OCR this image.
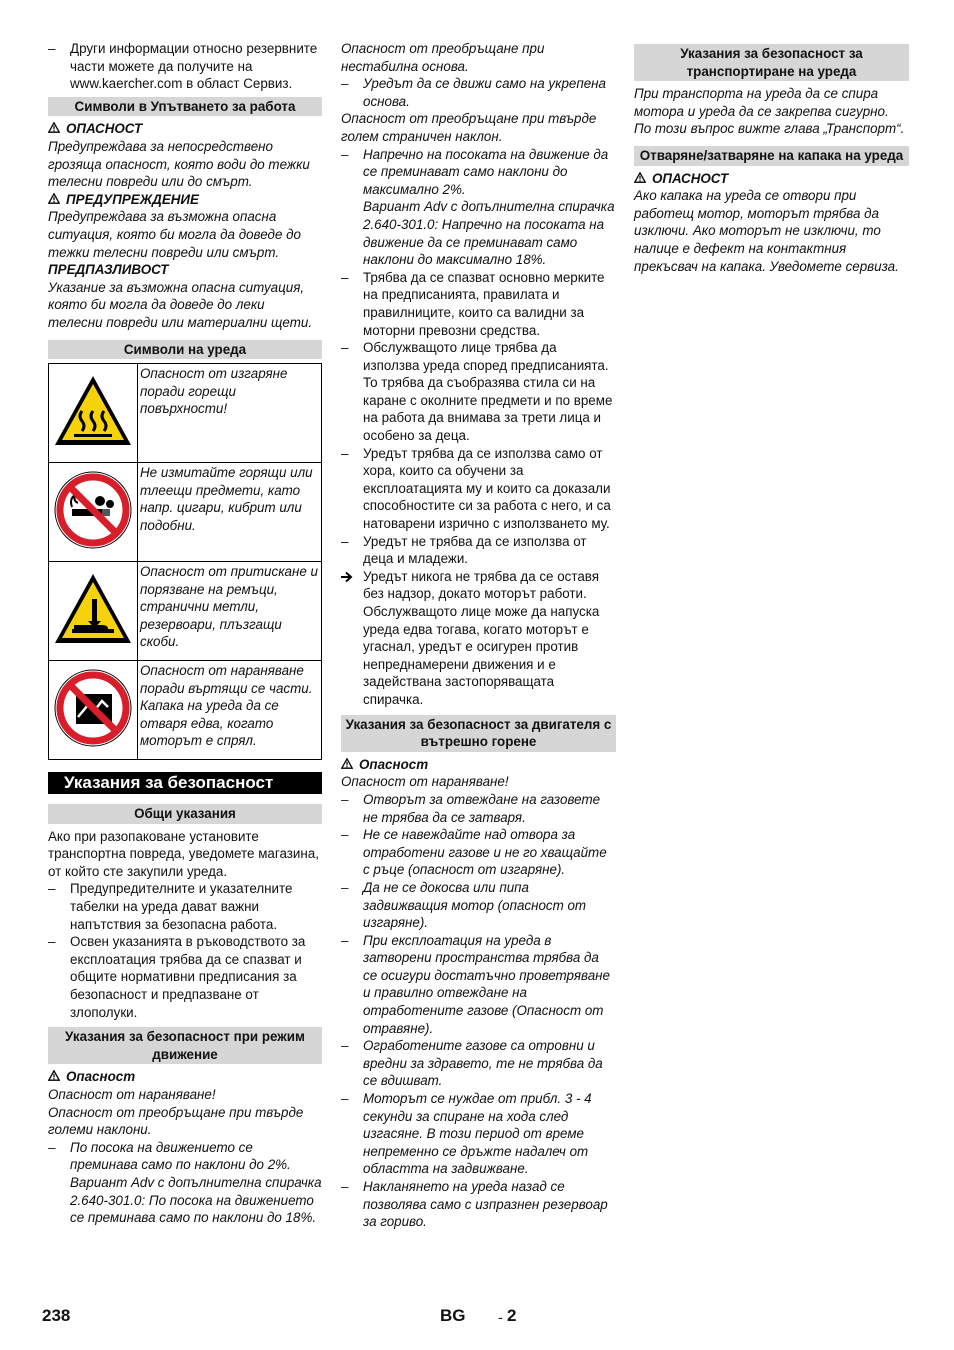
– Други информации относно резервните части можете да получите на www.kaercher.com в област Сервиз.
Символи в Упътването за работа
ОПАСНОСТ

Предупреждава за непосредствено грозяща опасност, която води до тежки телесни повреди или до смърт.

ПРЕДУПРЕЖДЕНИЕ

Предупреждава за възможна опасна ситуация, която би могла да доведе до тежки телесни повреди или смърт.

ПРЕДПАЗЛИВОСТ

Указание за възможна опасна ситуация, която би могла да доведе до леки телесни повреди или материални щети.

Символи на уреда
	Опасност от изгаряне поради горещи повърхности!
	Не измитайте горящи или тлеещи предмети, като напр. цигари, кибрит или подобни.
	Опасност от притискане и порязване на ремъци, странични метли, резервоари, плъзгащи скоби.
	Опасност от нараняване поради въртящи се части. Капака на уреда да се отваря едва, когато моторът е спрял.
Указания за безопасност
Общи указания

Ако при разопаковане установите транспортна повреда, уведомете магазина, от който сте закупили уреда.

– Предупредителните и указателните табелки на уреда дават важни напътствия за безопасна работа.
– Освен указанията в ръководството за експлоатация трябва да се спазват и общите нормативни предписания за безопасност и предпазване от злополуки.
Указания за безопасност при режим движение
Опасност

Опасност от нараняване!

Опасност от преобръщане при твърде големи наклони.

– По посока на движението се преминава само по наклони до 2%.

Вариант Adv с допълнителна спирачка 2.640-301.0: По посока на движението се преминава само по наклони до 18%.

Опасност от преобръщане при нестабилна основа.

– Уредът да се движи само на укрепена основа.

Опасност от преобръщане при твърде голем страничен наклон.

– Напречно на посоката на движение да се преминават само наклони до максимално 2%.

Вариант Adv с допълнителна спирачка 2.640-301.0: Напречно на посоката на движение да се преминават само наклони до максимално 18%.

– Трябва да се спазват основно мерките на предписанията, правилата и правилниците, които са валидни за моторни превозни средства.
– Обслужващото лице трябва да използва уреда според предписанията. То трябва да съобразява стила си на каране с околните предмети и по време на работа да внимава за трети лица и особено за деца.
– Уредът трябва да се използва само от хора, които са обучени за експлоатацията му и които са доказали способностите си за работа с него, и са натоварени изрично с използването му.
– Уредът не трябва да се използва от деца и младежи.
Уредът никога не трябва да се оставя без надзор, докато моторът работи. Обслужващото лице може да напуска уреда едва тогава, когато моторът е угаснал, уредът е осигурен против непреднамерени движения и е задействана застопоряващата спирачка.
Указания за безопасност за двигателя с вътрешно горене
Опасност

Опасност от нараняване!

– Отворът за отвеждане на газовете не трябва да се затваря.
– Не се навеждайте над отвора за отработени газове и не го хващайте с ръце (опасност от изгаряне).
– Да не се докосва или пипа задвижващия мотор (опасност от изгаряне).
– При експлоатация на уреда в затворени пространства трябва да се осигури достатъчно проветряване и правилно отвеждане на отработените газове (Опасност от отравяне).
– Огработените газове са отровни и вредни за здравето, те не трябва да се вдишват.
– Моторът се нуждае от прибл. 3 - 4 секунди за спиране на хода след изгасяне. В този период от време непременно се дръжте надалеч от областта на задвижване.
– Накланянето на уреда назад се позволява само с изпразнен резервоар за гориво.
Указания за безопасност за транспортиране на уреда

При транспорта на уреда да се спира мотора и уреда да се закрепва сигурно.

По този въпрос вижте глава „Транспорт“.

Отваряне/затваряне на капака на уреда
ОПАСНОСТ

Ако капака на уреда се отвори при работещ мотор, моторът трябва да изключи. Ако моторът не изключи, то налице е дефект на контактния прекъсвач на капака. Уведомете сервиза.

238	BG - 2
